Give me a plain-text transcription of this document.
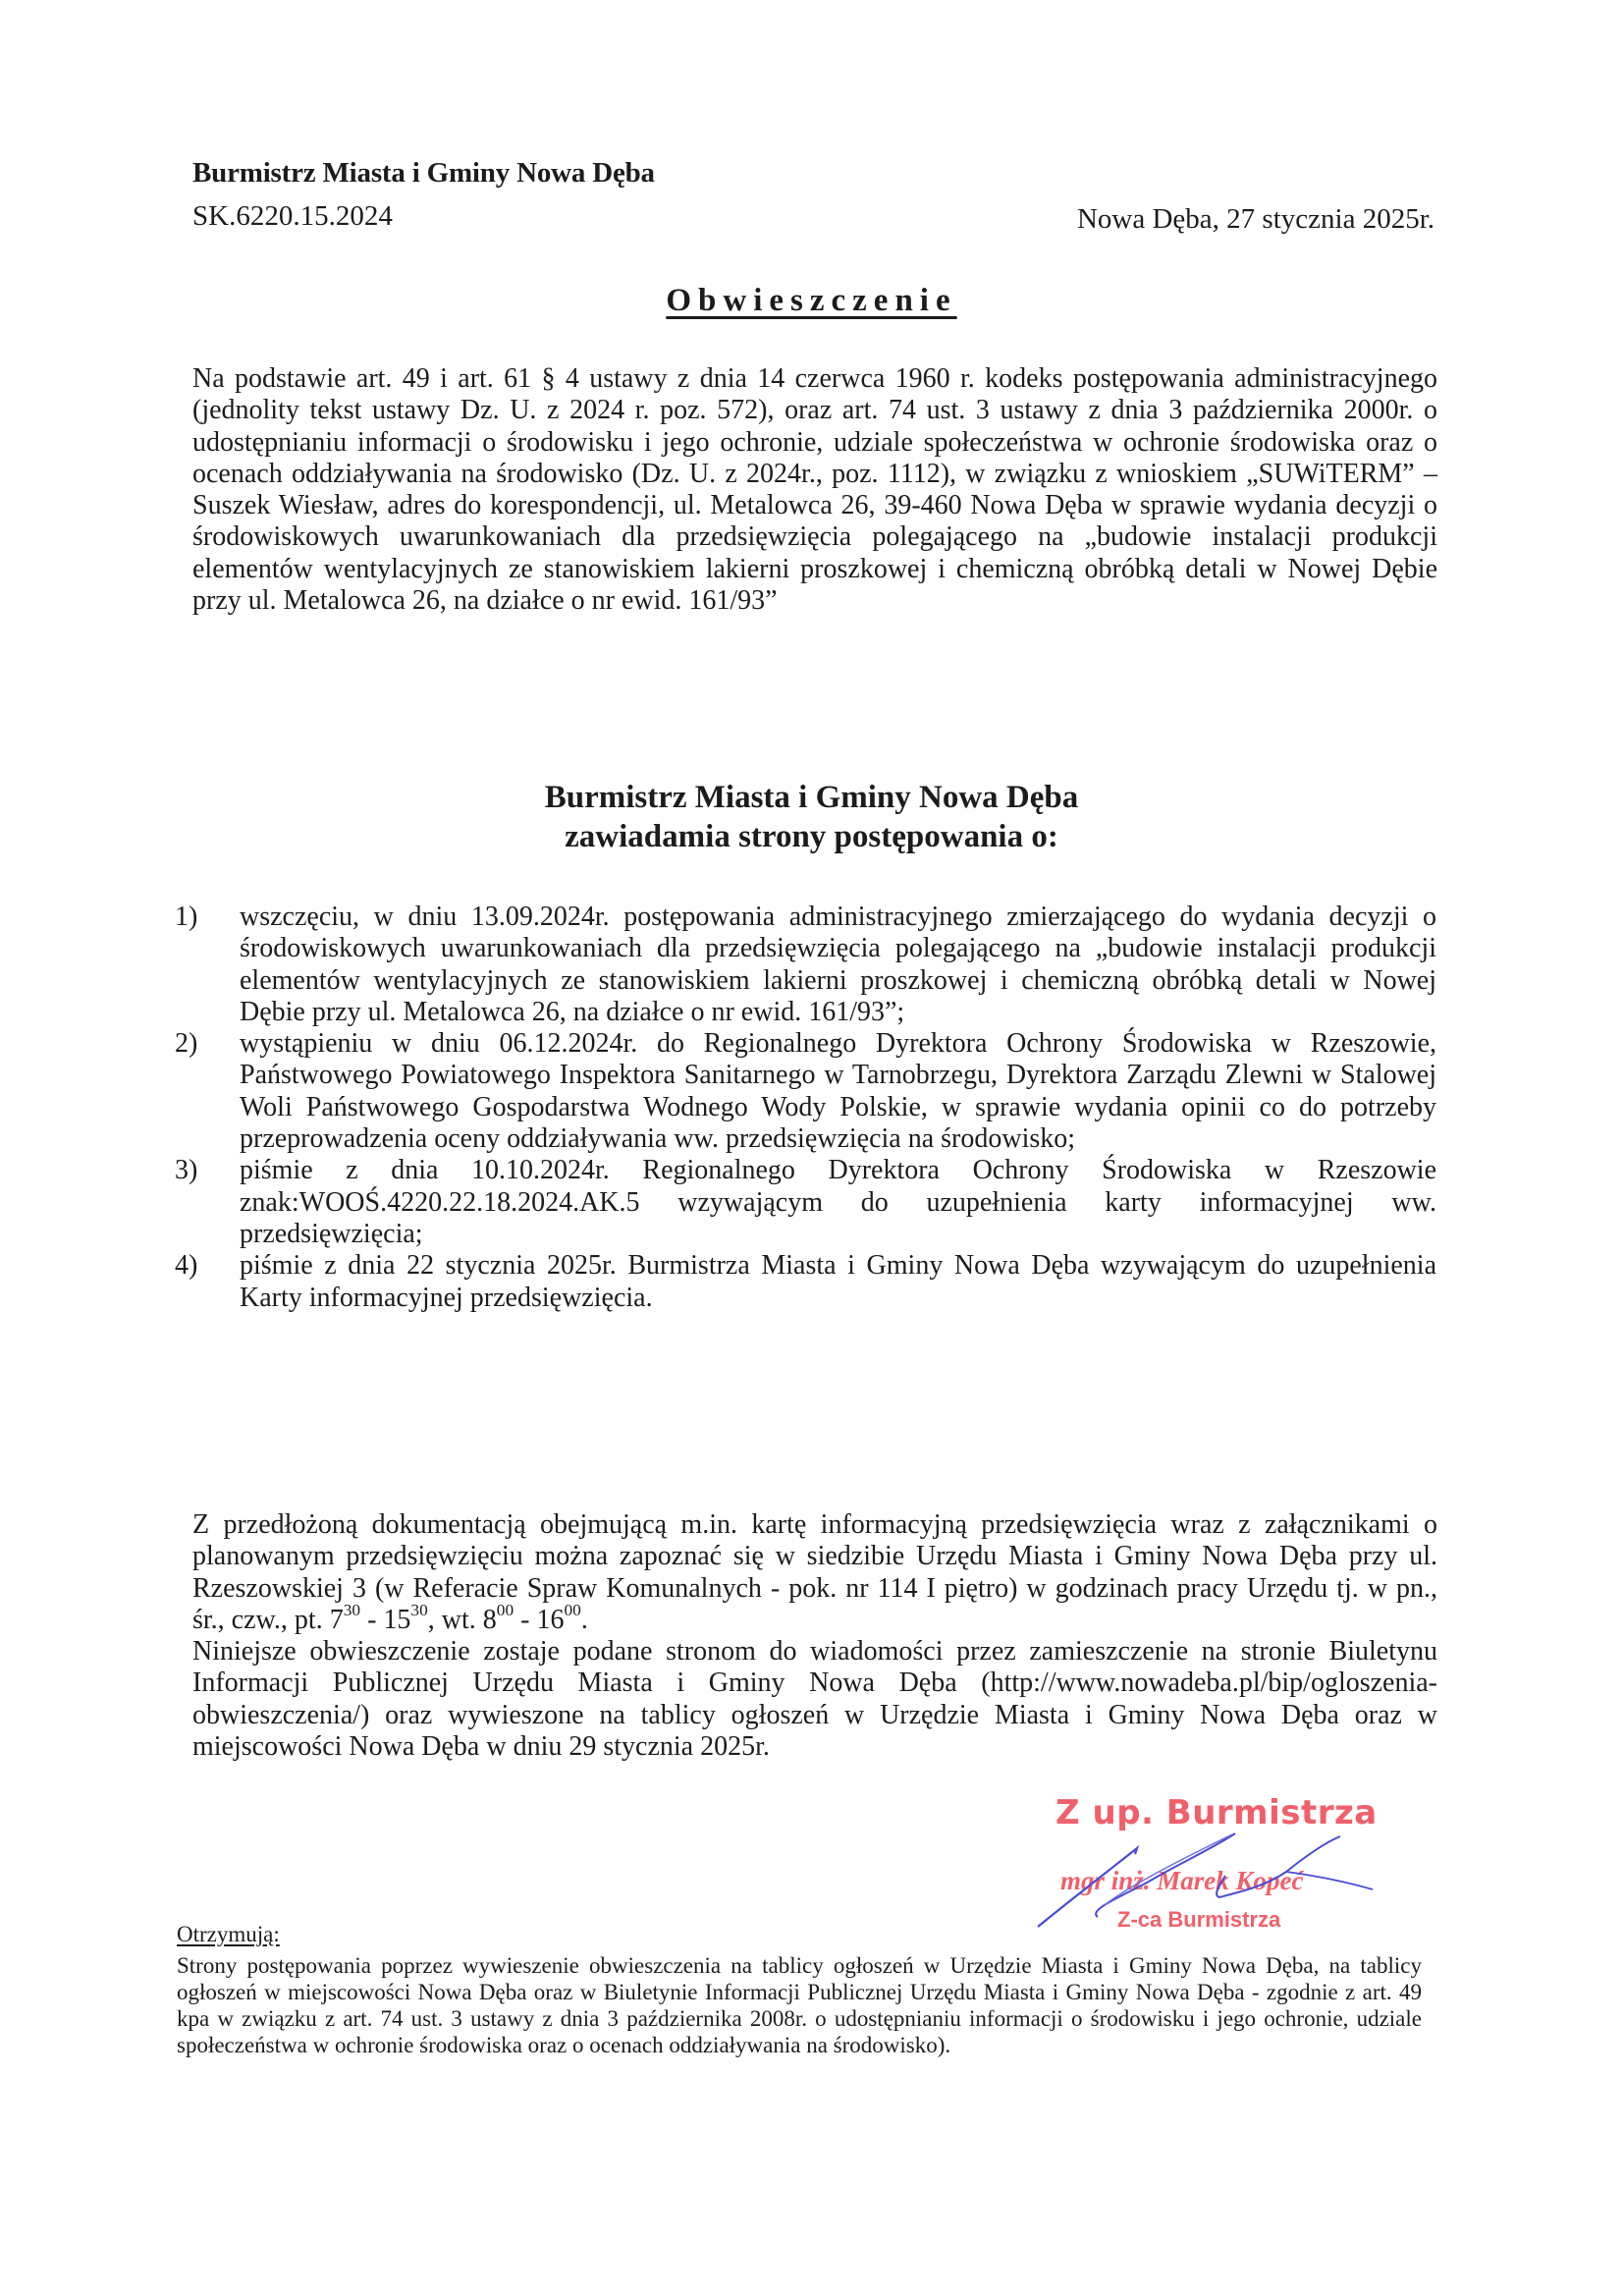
Burmistrz Miasta i Gminy Nowa Dęba
SK.6220.15.2024	Nowa Dęba, 27 stycznia 2025r.
Obwieszczenie
Na podstawie art. 49 i art. 61 § 4 ustawy z dnia 14 czerwca 1960 r. kodeks postępowania administracyjnego (jednolity tekst ustawy Dz. U. z 2024 r. poz. 572), oraz art. 74 ust. 3 ustawy z dnia 3 października 2000r. o udostępnianiu informacji o środowisku i jego ochronie, udziale społeczeństwa w ochronie środowiska oraz o ocenach oddziaływania na środowisko (Dz. U. z 2024r., poz. 1112), w związku z wnioskiem „SUWiTERM” – Suszek Wiesław, adres do korespondencji, ul. Metalowca 26, 39-460 Nowa Dęba w sprawie wydania decyzji o środowiskowych uwarunkowaniach dla przedsięwzięcia polegającego na „budowie instalacji produkcji elementów wentylacyjnych ze stanowiskiem lakierni proszkowej i chemiczną obróbką detali w Nowej Dębie przy ul. Metalowca 26, na działce o nr ewid. 161/93”
Burmistrz Miasta i Gminy Nowa Dęba
zawiadamia strony postępowania o:
1) wszczęciu, w dniu 13.09.2024r. postępowania administracyjnego zmierzającego do wydania decyzji o środowiskowych uwarunkowaniach dla przedsięwzięcia polegającego na „budowie instalacji produkcji elementów wentylacyjnych ze stanowiskiem lakierni proszkowej i chemiczną obróbką detali w Nowej Dębie przy ul. Metalowca 26, na działce o nr ewid. 161/93”;
2) wystąpieniu w dniu 06.12.2024r. do Regionalnego Dyrektora Ochrony Środowiska w Rzeszowie, Państwowego Powiatowego Inspektora Sanitarnego w Tarnobrzegu, Dyrektora Zarządu Zlewni w Stalowej Woli Państwowego Gospodarstwa Wodnego Wody Polskie, w sprawie wydania opinii co do potrzeby przeprowadzenia oceny oddziaływania ww. przedsięwzięcia na środowisko;
3) piśmie z dnia 10.10.2024r. Regionalnego Dyrektora Ochrony Środowiska w Rzeszowie znak:WOOŚ.4220.22.18.2024.AK.5 wzywającym do uzupełnienia karty informacyjnej ww. przedsięwzięcia;
4) piśmie z dnia 22 stycznia 2025r. Burmistrza Miasta i Gminy Nowa Dęba wzywającym do uzupełnienia Karty informacyjnej przedsięwzięcia.

Z przedłożoną dokumentacją obejmującą m.in. kartę informacyjną przedsięwzięcia wraz z załącznikami o planowanym przedsięwzięciu można zapoznać się w siedzibie Urzędu Miasta i Gminy Nowa Dęba przy ul. Rzeszowskiej 3 (w Referacie Spraw Komunalnych - pok. nr 114 I piętro) w godzinach pracy Urzędu tj. w pn., śr., czw., pt. $7^{30} - 15^{30}$, wt. $8^{00} - 16^{00}$.

Niniejsze obwieszczenie zostaje podane stronom do wiadomości przez zamieszczenie na stronie Biuletynu Informacji Publicznej Urzędu Miasta i Gminy Nowa Dęba (http://www.nowadeba.pl/bip/ogloszenia-obwieszczenia/) oraz wywieszone na tablicy ogłoszeń w Urzędzie Miasta i Gminy Nowa Dęba oraz w miejscowości Nowa Dęba w dniu 29 stycznia 2025r.

Z up. Burmistrza
mgr inż. Marek Kopeć
Z-ca Burmistrza
Otrzymują:
Strony postępowania poprzez wywieszenie obwieszczenia na tablicy ogłoszeń w Urzędzie Miasta i Gminy Nowa Dęba, na tablicy ogłoszeń w miejscowości Nowa Dęba oraz w Biuletynie Informacji Publicznej Urzędu Miasta i Gminy Nowa Dęba - zgodnie z art. 49 kpa w związku z art. 74 ust. 3 ustawy z dnia 3 października 2008r. o udostępnianiu informacji o środowisku i jego ochronie, udziale społeczeństwa w ochronie środowiska oraz o ocenach oddziaływania na środowisko).
